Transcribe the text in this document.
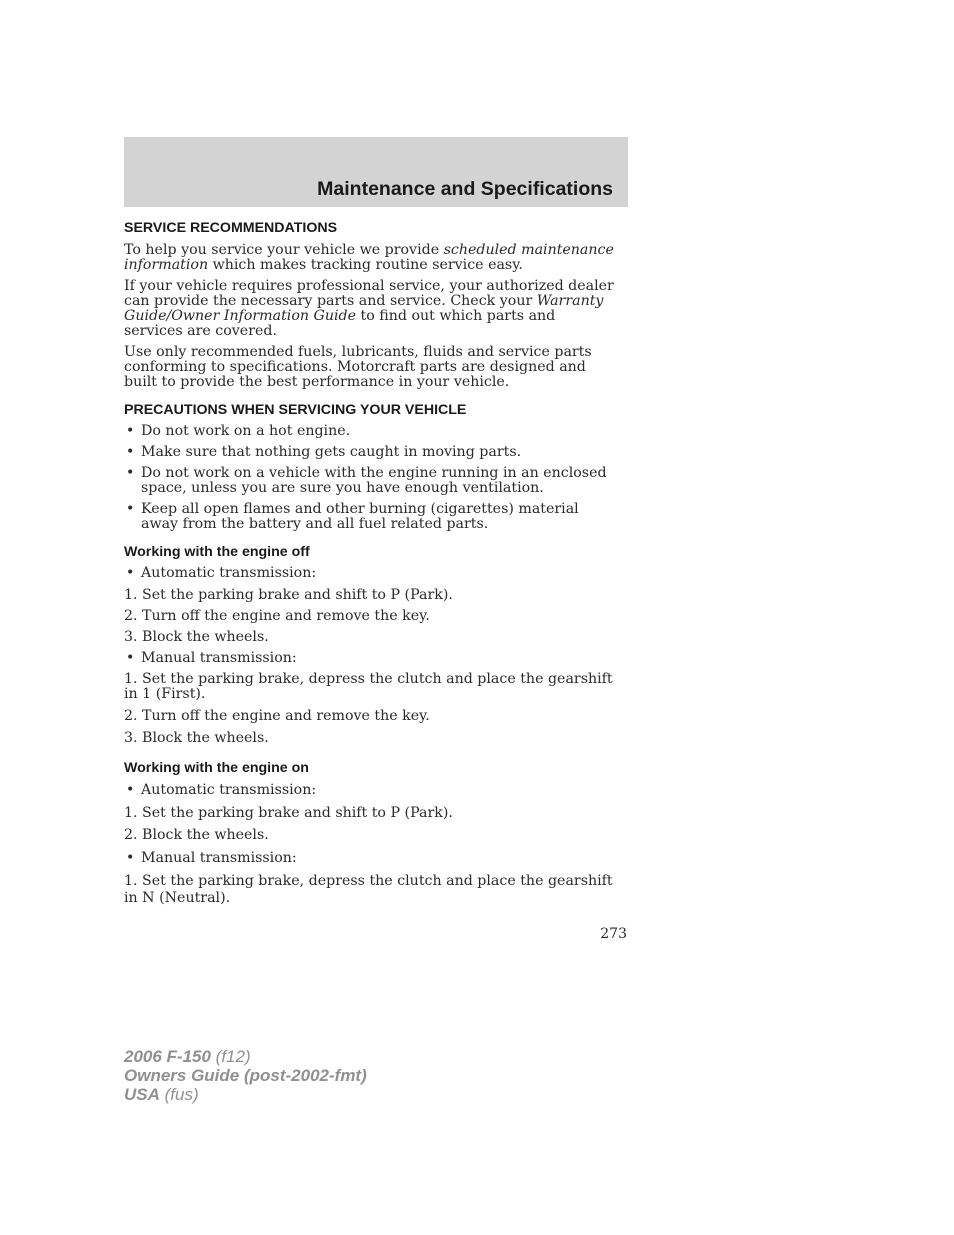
Maintenance and Specifications
SERVICE RECOMMENDATIONS

To help you service your vehicle we provide scheduled maintenance information which makes tracking routine service easy.

If your vehicle requires professional service, your authorized dealer can provide the necessary parts and service. Check your Warranty Guide/Owner Information Guide to find out which parts and services are covered.

Use only recommended fuels, lubricants, fluids and service parts conforming to specifications. Motorcraft parts are designed and built to provide the best performance in your vehicle.

PRECAUTIONS WHEN SERVICING YOUR VEHICLE
• Do not work on a hot engine.
• Make sure that nothing gets caught in moving parts.
• Do not work on a vehicle with the engine running in an enclosed space, unless you are sure you have enough ventilation.
• Keep all open flames and other burning (cigarettes) material away from the battery and all fuel related parts.
Working with the engine off
• Automatic transmission:

1. Set the parking brake and shift to P (Park).

2. Turn off the engine and remove the key.

3. Block the wheels.

• Manual transmission:

1. Set the parking brake, depress the clutch and place the gearshift in 1 (First).

2. Turn off the engine and remove the key.

3. Block the wheels.

Working with the engine on
• Automatic transmission:

1. Set the parking brake and shift to P (Park).

2. Block the wheels.

• Manual transmission:

1. Set the parking brake, depress the clutch and place the gearshift in N (Neutral).

273
2006 F-150 (f12)
Owners Guide (post-2002-fmt)
USA (fus)
